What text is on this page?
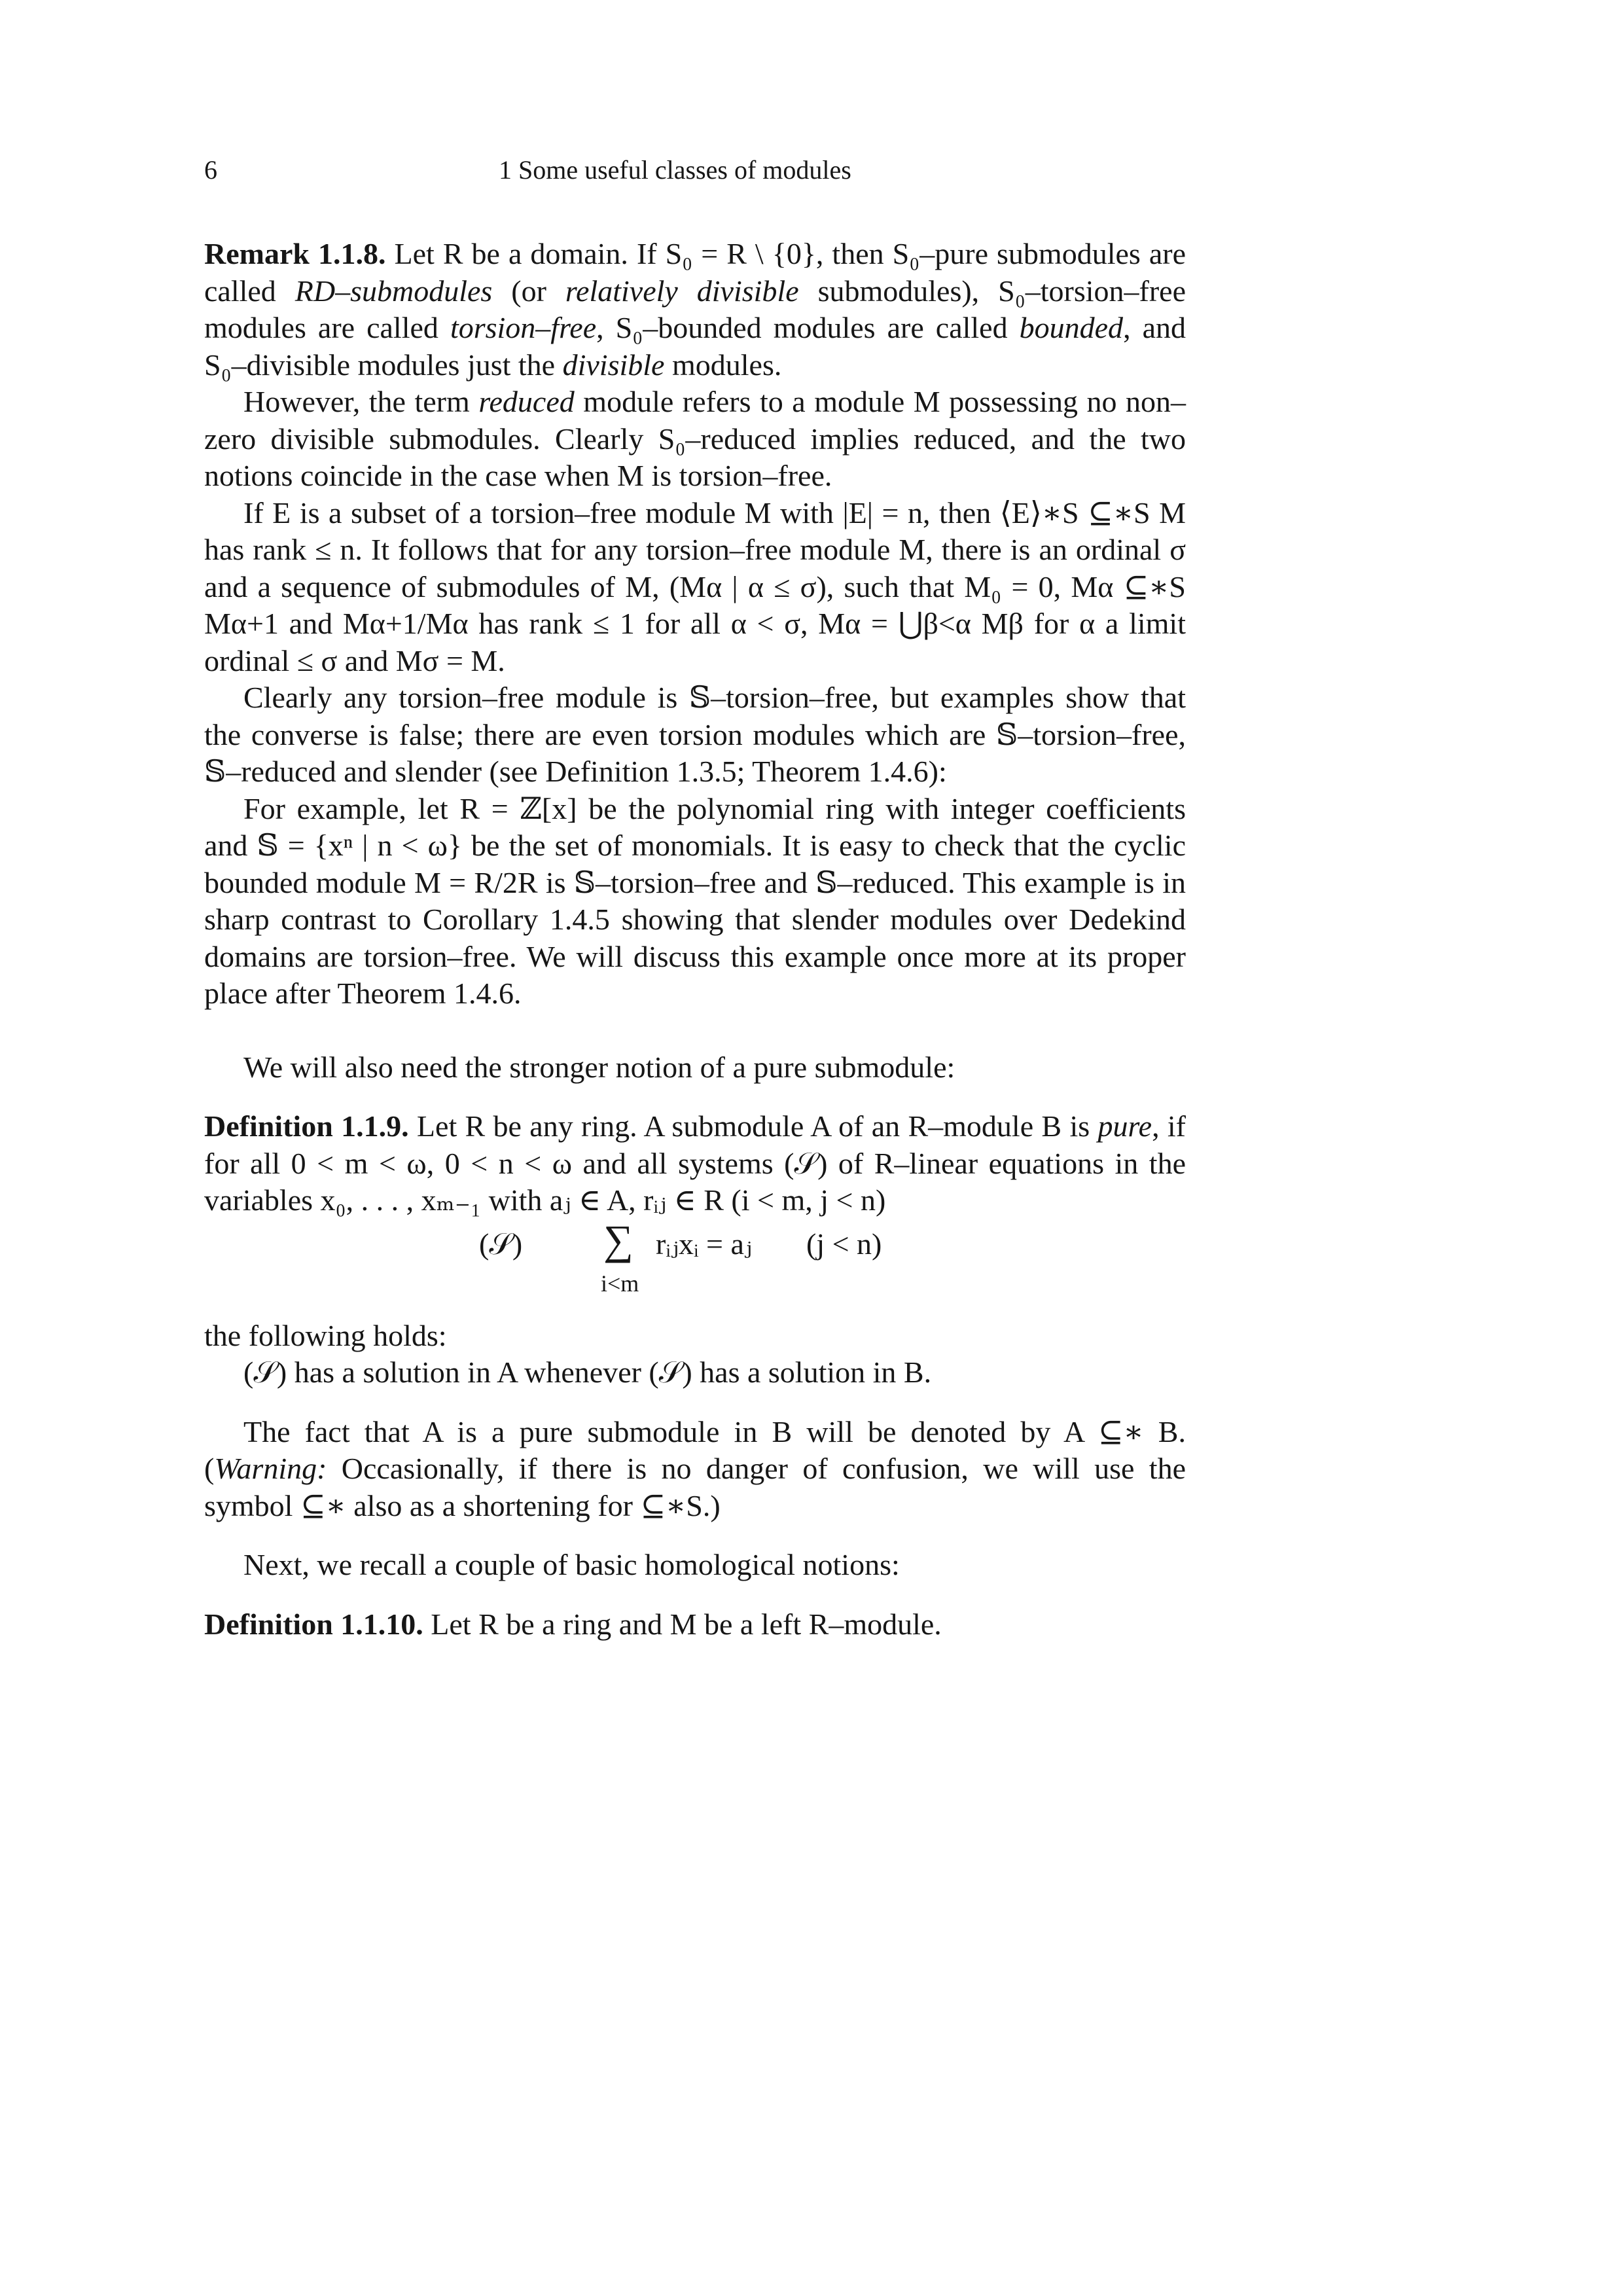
6	1 Some useful classes of modules

Remark 1.1.8. Let R be a domain. If S₀ = R \ {0}, then S₀–pure submodules are called RD–submodules (or relatively divisible submodules), S₀–torsion–free modules are called torsion–free, S₀–bounded modules are called bounded, and S₀–divisible modules just the divisible modules.

However, the term reduced module refers to a module M possessing no non–zero divisible submodules. Clearly S₀–reduced implies reduced, and the two notions coincide in the case when M is torsion–free.

If E is a subset of a torsion–free module M with |E| = n, then ⟨E⟩∗S ⊆∗S M has rank ≤ n. It follows that for any torsion–free module M, there is an ordinal σ and a sequence of submodules of M, (Mα | α ≤ σ), such that M₀ = 0, Mα ⊆∗S Mα+1 and Mα+1/Mα has rank ≤ 1 for all α < σ, Mα = ⋃β<α Mβ for α a limit ordinal ≤ σ and Mσ = M.

Clearly any torsion–free module is 𝕊–torsion–free, but examples show that the converse is false; there are even torsion modules which are 𝕊–torsion–free, 𝕊–reduced and slender (see Definition 1.3.5; Theorem 1.4.6):

For example, let R = ℤ[x] be the polynomial ring with integer coefficients and 𝕊 = {xⁿ | n < ω} be the set of monomials. It is easy to check that the cyclic bounded module M = R/2R is 𝕊–torsion–free and 𝕊–reduced. This example is in sharp contrast to Corollary 1.4.5 showing that slender modules over Dedekind domains are torsion–free. We will discuss this example once more at its proper place after Theorem 1.4.6.

We will also need the stronger notion of a pure submodule:

Definition 1.1.9. Let R be any ring. A submodule A of an R–module B is pure, if for all 0 < m < ω, 0 < n < ω and all systems (𝒮) of R–linear equations in the variables x₀, . . . , xₘ₋₁ with aⱼ ∈ A, rᵢⱼ ∈ R (i < m, j < n)

(𝒮) ∑
i<m
rᵢⱼxᵢ = aⱼ (j < n)

the following holds:

(𝒮) has a solution in A whenever (𝒮) has a solution in B.

The fact that A is a pure submodule in B will be denoted by A ⊆∗ B. (Warning: Occasionally, if there is no danger of confusion, we will use the symbol ⊆∗ also as a shortening for ⊆∗S.)

Next, we recall a couple of basic homological notions:

Definition 1.1.10. Let R be a ring and M be a left R–module.
